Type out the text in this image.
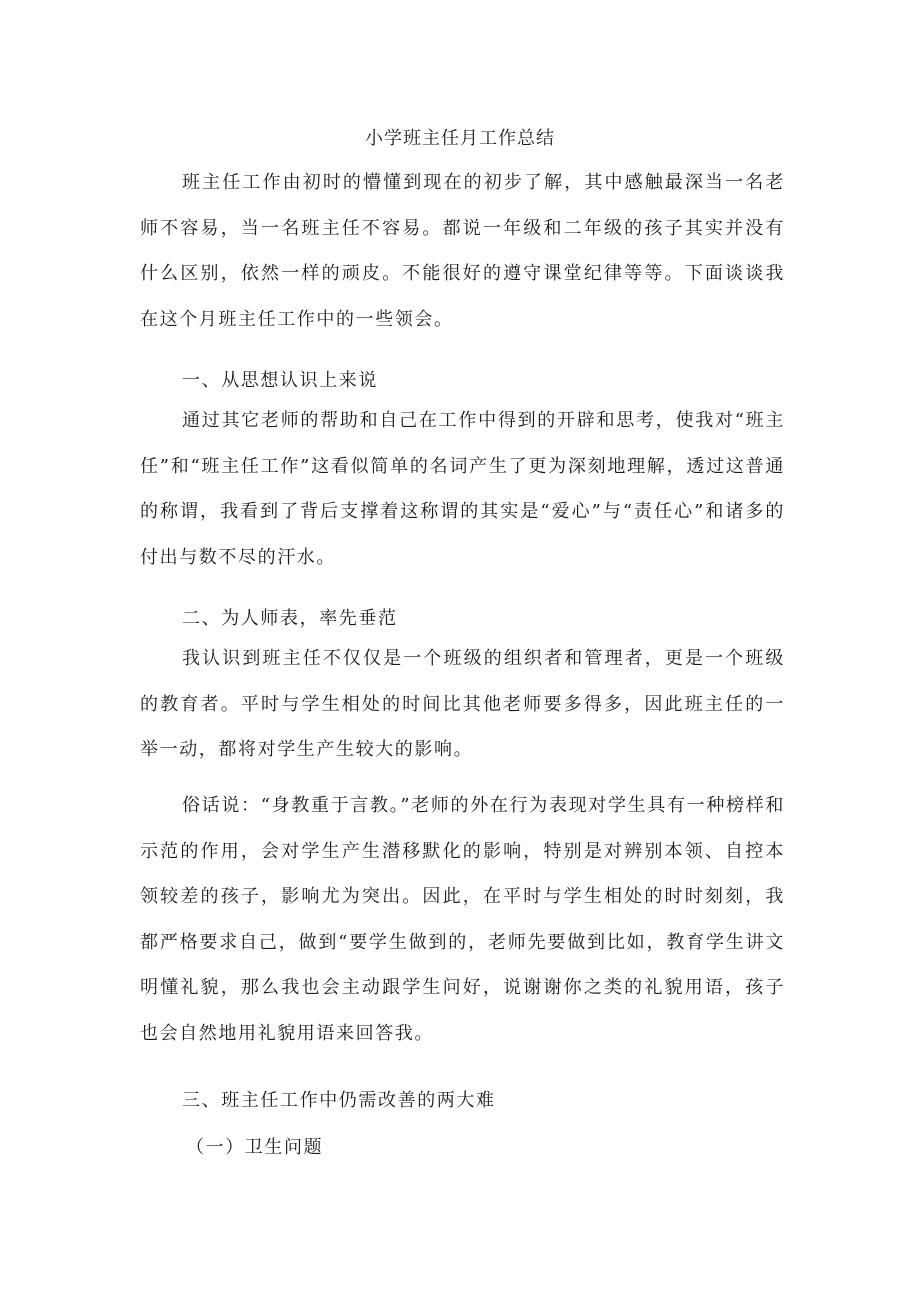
小学班主任月工作总结

班主任工作由初时的懵懂到现在的初步了解，其中感触最深当一名老师不容易，当一名班主任不容易。都说一年级和二年级的孩子其实并没有什么区别，依然一样的顽皮。不能很好的遵守课堂纪律等等。下面谈谈我在这个月班主任工作中的一些领会。

一、从思想认识上来说

通过其它老师的帮助和自己在工作中得到的开辟和思考，使我对“班主任”和“班主任工作”这看似简单的名词产生了更为深刻地理解，透过这普通的称谓，我看到了背后支撑着这称谓的其实是“爱心”与“责任心”和诸多的付出与数不尽的汗水。

二、为人师表，率先垂范

我认识到班主任不仅仅是一个班级的组织者和管理者，更是一个班级的教育者。平时与学生相处的时间比其他老师要多得多，因此班主任的一举一动，都将对学生产生较大的影响。

俗话说：“身教重于言教。”老师的外在行为表现对学生具有一种榜样和示范的作用，会对学生产生潜移默化的影响，特别是对辨别本领、自控本领较差的孩子，影响尤为突出。因此，在平时与学生相处的时时刻刻，我都严格要求自己，做到“要学生做到的，老师先要做到比如，教育学生讲文明懂礼貌，那么我也会主动跟学生问好，说谢谢你之类的礼貌用语，孩子也会自然地用礼貌用语来回答我。

三、班主任工作中仍需改善的两大难

（一）卫生问题
